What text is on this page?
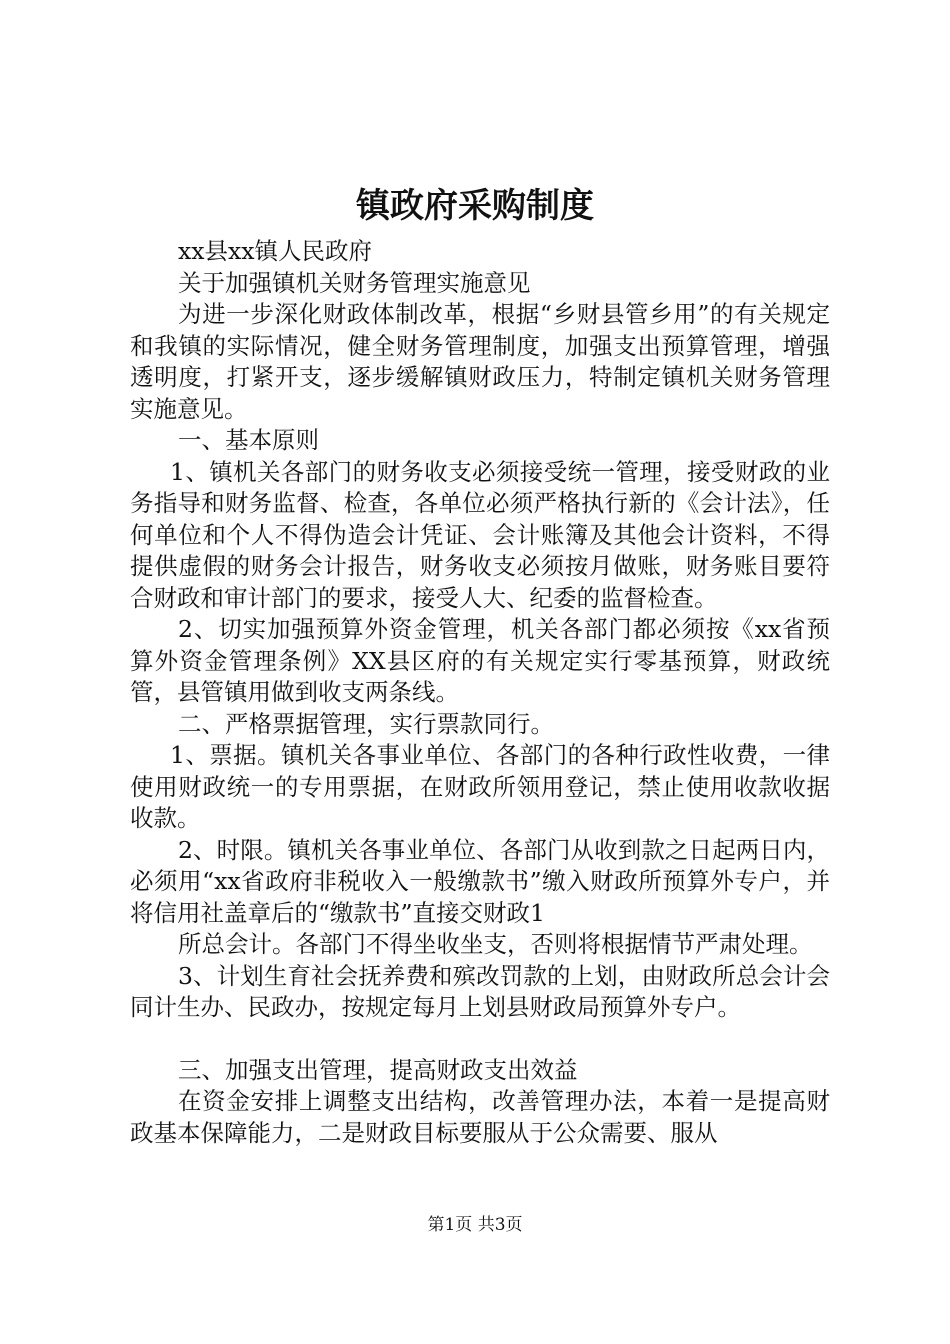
镇政府采购制度

xx县xx镇人民政府

关于加强镇机关财务管理实施意见

为进一步深化财政体制改革，根据“乡财县管乡用”的有关规定和我镇的实际情况，健全财务管理制度，加强支出预算管理，增强透明度，打紧开支，逐步缓解镇财政压力，特制定镇机关财务管理实施意见。

一、基本原则

1、镇机关各部门的财务收支必须接受统一管理，接受财政的业务指导和财务监督、检查，各单位必须严格执行新的《会计法》，任何单位和个人不得伪造会计凭证、会计账簿及其他会计资料，不得提供虚假的财务会计报告，财务收支必须按月做账，财务账目要符合财政和审计部门的要求，接受人大、纪委的监督检查。

2、切实加强预算外资金管理，机关各部门都必须按《xx省预算外资金管理条例》XX县区府的有关规定实行零基预算，财政统管，县管镇用做到收支两条线。

二、严格票据管理，实行票款同行。

1、票据。镇机关各事业单位、各部门的各种行政性收费，一律使用财政统一的专用票据，在财政所领用登记，禁止使用收款收据收款。

2、时限。镇机关各事业单位、各部门从收到款之日起两日内，必须用“xx省政府非税收入一般缴款书”缴入财政所预算外专户，并将信用社盖章后的“缴款书”直接交财政1

所总会计。各部门不得坐收坐支，否则将根据情节严肃处理。

3、计划生育社会抚养费和殡改罚款的上划，由财政所总会计会同计生办、民政办，按规定每月上划县财政局预算外专户。

三、加强支出管理，提高财政支出效益

在资金安排上调整支出结构，改善管理办法，本着一是提高财政基本保障能力，二是财政目标要服从于公众需要、服从

第1页 共3页
